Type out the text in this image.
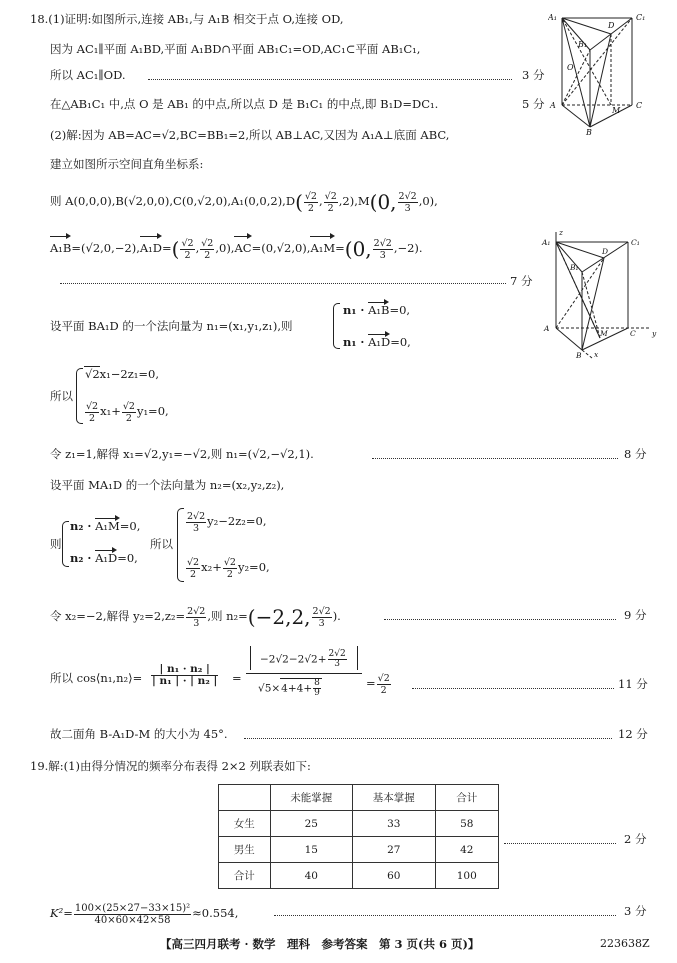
18.(1)证明:如图所示,连接 AB₁,与 A₁B 相交于点 O,连接 OD,
因为 AC₁∥平面 A₁BD,平面 A₁BD∩平面 AB₁C₁=OD,AC₁⊂平面 AB₁C₁,
所以 AC₁∥OD.	3 分
在△AB₁C₁ 中,点 O 是 AB₁ 的中点,所以点 D 是 B₁C₁ 的中点,即 B₁D=DC₁.	5 分
(2)解:因为 AB=AC=√2,BC=BB₁=2,所以 AB⊥AC,又因为 A₁A⊥底面 ABC,
建立如图所示空间直角坐标系:
则 $A(0,0,0),B(√2,0,0),C(0,√2,0),A_1(0,0,2),D( \frac{√2}{2}$ , $\frac{√2}{2} ,2),M(0$, $\frac{2√2}{3} ,0$),
$A_1B=(√2,0,-2),A_1D=( \frac{√2}{2}$ , $\frac{√2}{2} ,0),AC=(0,√2,0),A_1M=(0$, $\frac{2√2}{3} ,-2$).
7 分
设平面 BA₁D 的一个法向量为 n₁=(x₁,y₁,z₁),则
n₁ · A₁B=0,
n₁ · A₁D=0,
所以
√2x₁−2z₁=0,
$\frac{√2}{2} x_1+ \frac{√2}{2} y_1=0$,
令 z₁=1,解得 x₁=√2,y₁=−√2,则 n₁=(√2,−√2,1).	8 分
设平面 MA₁D 的一个法向量为 n₂=(x₂,y₂,z₂),
则
n₂ · A₁M=0,
n₂ · A₁D=0,
所以
$\frac{2√2}{3} y_2-2z_2=0$,
$\frac{√2}{2} x_2+ \frac{√2}{2} y_2=0$,
令 x₂=−2,解得 $y_2=2,z_2= \frac{2√2}{3}$ ,则 n₂=(−2,2, $\frac{2√2}{3}$ ).	9 分
所以 cos⟨n₁,n₂⟩= $\frac{\text{| n₁ · n₂ |}}{\text{| n₁ | · | n₂ |}}$ =
$-2√2-2√2+ \frac{2√2}{3}$
$√5\times 4+4+ \frac{8}{9}$	= $\frac{√2}{2}$	11 分
故二面角 B-A₁D-M 的大小为 45°.	12 分
19.解:(1)由得分情况的频率分布表得 2×2 列联表如下:
	未能掌握	基本掌握	合计
女生	25	33	58
男生	15	27	42
合计	40	60	100
2 分
$K^2= \frac{\text{100×(25×27−33×15)²}}{40\times 60\times 42\times 58} \approx 0.554$,	3 分
【高三四月联考 · 数学　理科　参考答案　第 3 页(共 6 页)】	223638Z
A₁
D
C₁
B₁
O
A
M
C
B
z
A₁
D
C₁
B₁
A
M	C y
B x
